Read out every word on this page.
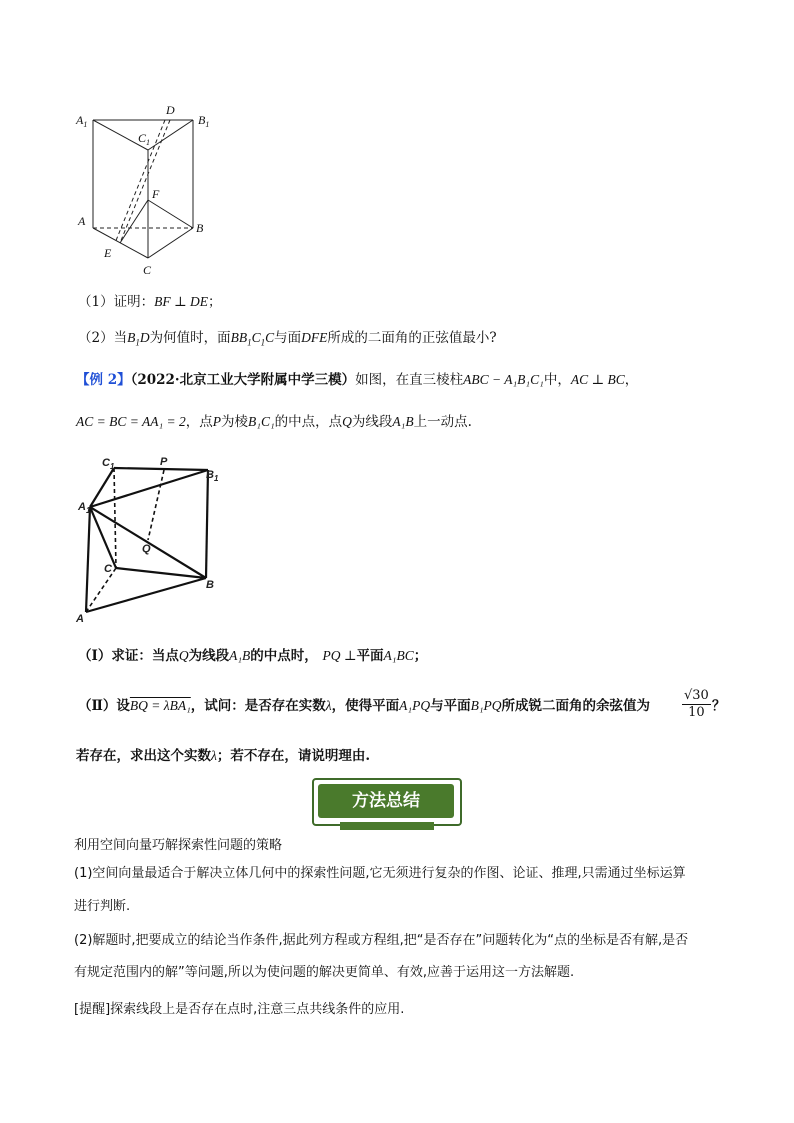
$A_1$
D
$B_1$
$C_1$
F
A	B
E
C
（1）证明：BF ⊥ DE；
（2）当$B_1D$为何值时，面$BB_1C_1C$与面DFE所成的二面角的正弦值最小?
【例 2】（2022·北京工业大学附属中学三模）如图，在直三棱柱ABC − A₁B₁C₁中，AC ⊥ BC，
AC = BC = AA₁ = 2，点P为棱B₁C₁的中点，点Q为线段A₁B上一动点.
$C_1$	P
$B_1$
$A_1$
Q
C
B
A
（Ⅰ）求证：当点Q为线段A₁B的中点时， PQ ⊥平面A₁BC；
（Ⅱ）设BQ = λBA₁，试问：是否存在实数λ，使得平面A₁PQ与平面B₁PQ所成锐二面角的余弦值为 $\frac{√30}{10}$ ？
若存在，求出这个实数λ；若不存在，请说明理由.
方法总结
利用空间向量巧解探索性问题的策略
(1)空间向量最适合于解决立体几何中的探索性问题,它无须进行复杂的作图、论证、推理,只需通过坐标运算
进行判断.
(2)解题时,把要成立的结论当作条件,据此列方程或方程组,把“是否存在”问题转化为“点的坐标是否有解,是否
有规定范围内的解”等问题,所以为使问题的解决更简单、有效,应善于运用这一方法解题.
[提醒]探索线段上是否存在点时,注意三点共线条件的应用.
